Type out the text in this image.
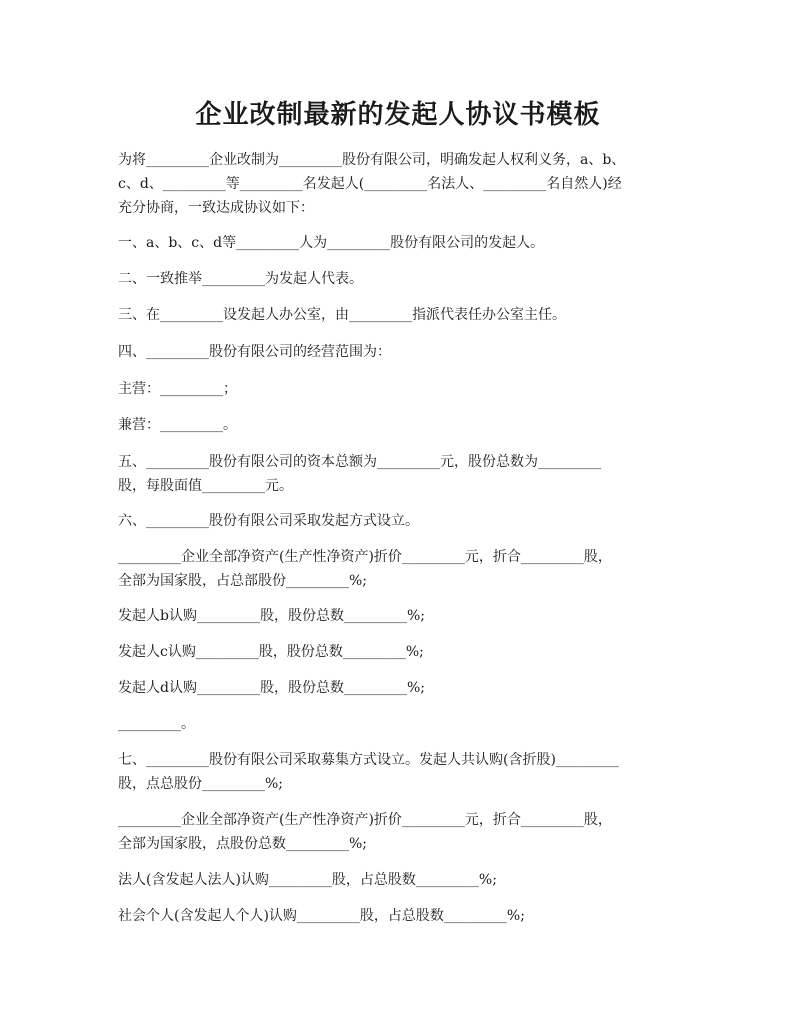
企业改制最新的发起人协议书模板

为将_________企业改制为_________股份有限公司，明确发起人权利义务，a、b、

c、d、_________等_________名发起人(_________名法人、_________名自然人)经

充分协商，一致达成协议如下：

一、a、b、c、d等_________人为_________股份有限公司的发起人。

二、一致推举_________为发起人代表。

三、在_________设发起人办公室，由_________指派代表任办公室主任。

四、_________股份有限公司的经营范围为：

主营：_________；

兼营：_________。

五、_________股份有限公司的资本总额为_________元，股份总数为_________

股，每股面值_________元。

六、_________股份有限公司采取发起方式设立。

_________企业全部净资产(生产性净资产)折价_________元，折合_________股，

全部为国家股，占总部股份_________%;

发起人b认购_________股，股份总数_________%;

发起人c认购_________股，股份总数_________%;

发起人d认购_________股，股份总数_________%;

_________。

七、_________股份有限公司采取募集方式设立。发起人共认购(含折股)_________

股，点总股份_________%;

_________企业全部净资产(生产性净资产)折价_________元，折合_________股，

全部为国家股，点股份总数_________%;

法人(含发起人法人)认购_________股，占总股数_________%;

社会个人(含发起人个人)认购_________股，占总股数_________%;
